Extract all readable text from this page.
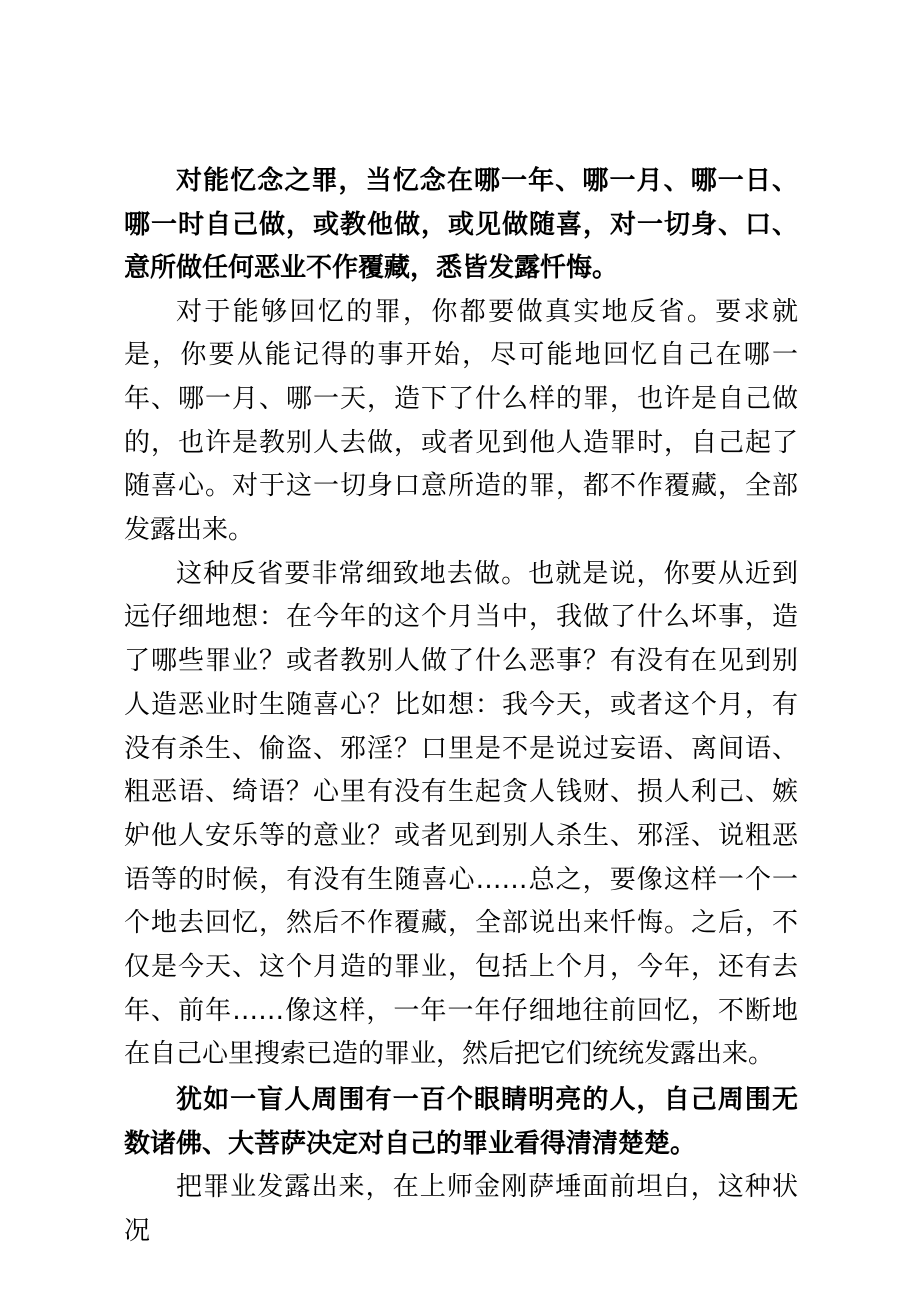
对能忆念之罪，当忆念在哪一年、哪一月、哪一日、哪一时自己做，或教他做，或见做随喜，对一切身、口、意所做任何恶业不作覆藏，悉皆发露忏悔。

对于能够回忆的罪，你都要做真实地反省。要求就是，你要从能记得的事开始，尽可能地回忆自己在哪一年、哪一月、哪一天，造下了什么样的罪，也许是自己做的，也许是教别人去做，或者见到他人造罪时，自己起了随喜心。对于这一切身口意所造的罪，都不作覆藏，全部发露出来。

这种反省要非常细致地去做。也就是说，你要从近到远仔细地想：在今年的这个月当中，我做了什么坏事，造了哪些罪业？或者教别人做了什么恶事？有没有在见到别人造恶业时生随喜心？比如想：我今天，或者这个月，有没有杀生、偷盗、邪淫？口里是不是说过妄语、离间语、粗恶语、绮语？心里有没有生起贪人钱财、损人利己、嫉妒他人安乐等的意业？或者见到别人杀生、邪淫、说粗恶语等的时候，有没有生随喜心……总之，要像这样一个一个地去回忆，然后不作覆藏，全部说出来忏悔。之后，不仅是今天、这个月造的罪业，包括上个月，今年，还有去年、前年……像这样，一年一年仔细地往前回忆，不断地在自己心里搜索已造的罪业，然后把它们统统发露出来。

犹如一盲人周围有一百个眼睛明亮的人，自己周围无数诸佛、大菩萨决定对自己的罪业看得清清楚楚。

把罪业发露出来，在上师金刚萨埵面前坦白，这种状况
